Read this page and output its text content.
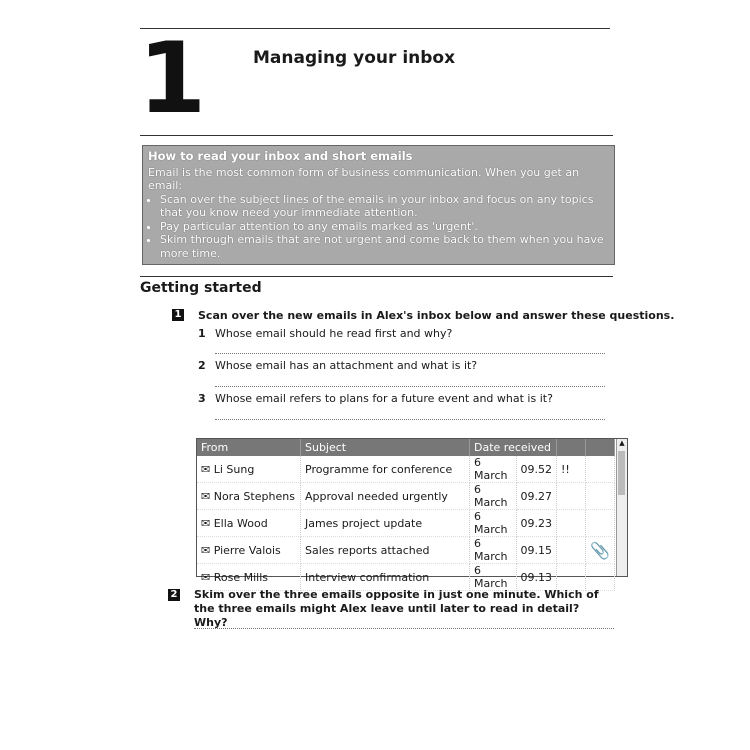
1	Managing your inbox
How to read your inbox and short emails
Email is the most common form of business communication. When you get an email:
• Scan over the subject lines of the emails in your inbox and focus on any topics that you know need your immediate attention.
• Pay particular attention to any emails marked as 'urgent'.
• Skim through emails that are not urgent and come back to them when you have more time.
Getting started
1 Scan over the new emails in Alex's inbox below and answer these questions.
1 Whose email should he read first and why?
2 Whose email has an attachment and what is it?
3 Whose email refers to plans for a future event and what is it?
From	Subject	Date received			
✉ Li Sung	Programme for conference	6 March	09.52	!!	
✉ Nora Stephens	Approval needed urgently	6 March	09.27		
✉ Ella Wood	James project update	6 March	09.23		
✉ Pierre Valois	Sales reports attached	6 March	09.15		📎
✉ Rose Mills	Interview confirmation	6 March	09.13		
▲
2 Skim over the three emails opposite in just one minute. Which of the three emails might Alex leave until later to read in detail? Why?
